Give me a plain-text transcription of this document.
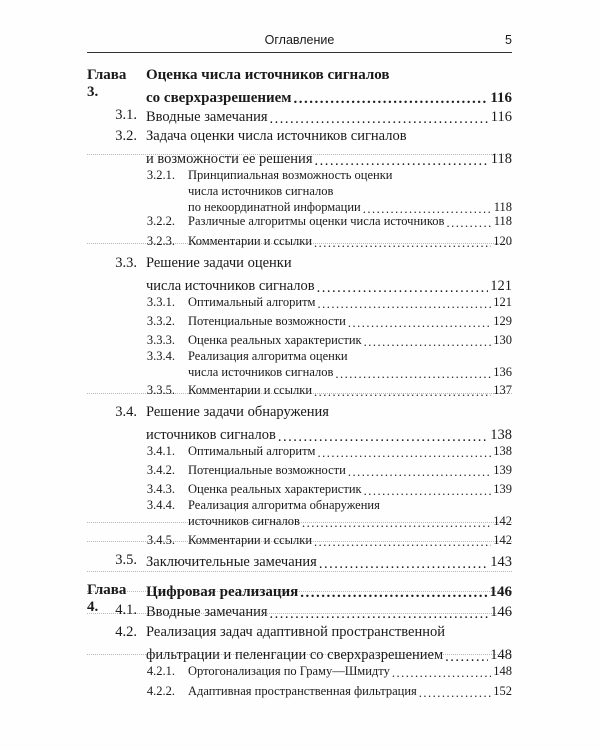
Оглавление	5
Глава 3.
Оценка числа источников сигналов
со сверхразрешением .....	116
3.1. Вводные замечания .....	116
3.2. Задача оценки числа источников сигналов
и возможности ее решения .....	118
3.2.1. Принципиальная возможность оценки
числа источников сигналов
по некоординатной информации .....	118
3.2.2. Различные алгоритмы оценки числа источников .....	118
3.2.3. Комментарии и ссылки .....	120
3.3. Решение задачи оценки
числа источников сигналов .....	121
3.3.1. Оптимальный алгоритм .....	121
3.3.2. Потенциальные возможности .....	129
3.3.3. Оценка реальных характеристик .....	130
3.3.4. Реализация алгоритма оценки
числа источников сигналов .....	136
3.3.5. Комментарии и ссылки .....	137
3.4. Решение задачи обнаружения
источников сигналов .....	138
3.4.1. Оптимальный алгоритм .....	138
3.4.2. Потенциальные возможности .....	139
3.4.3. Оценка реальных характеристик .....	139
3.4.4. Реализация алгоритма обнаружения
источников сигналов .....	142
3.4.5. Комментарии и ссылки .....	142
3.5. Заключительные замечания .....	143
Глава 4.
Цифровая реализация .....	146
4.1. Вводные замечания .....	146
4.2. Реализация задач адаптивной пространственной
фильтрации и пеленгации со сверхразрешением .....	148
4.2.1. Ортогонализация по Граму—Шмидту .....	148
4.2.2. Адаптивная пространственная фильтрация .....	152
